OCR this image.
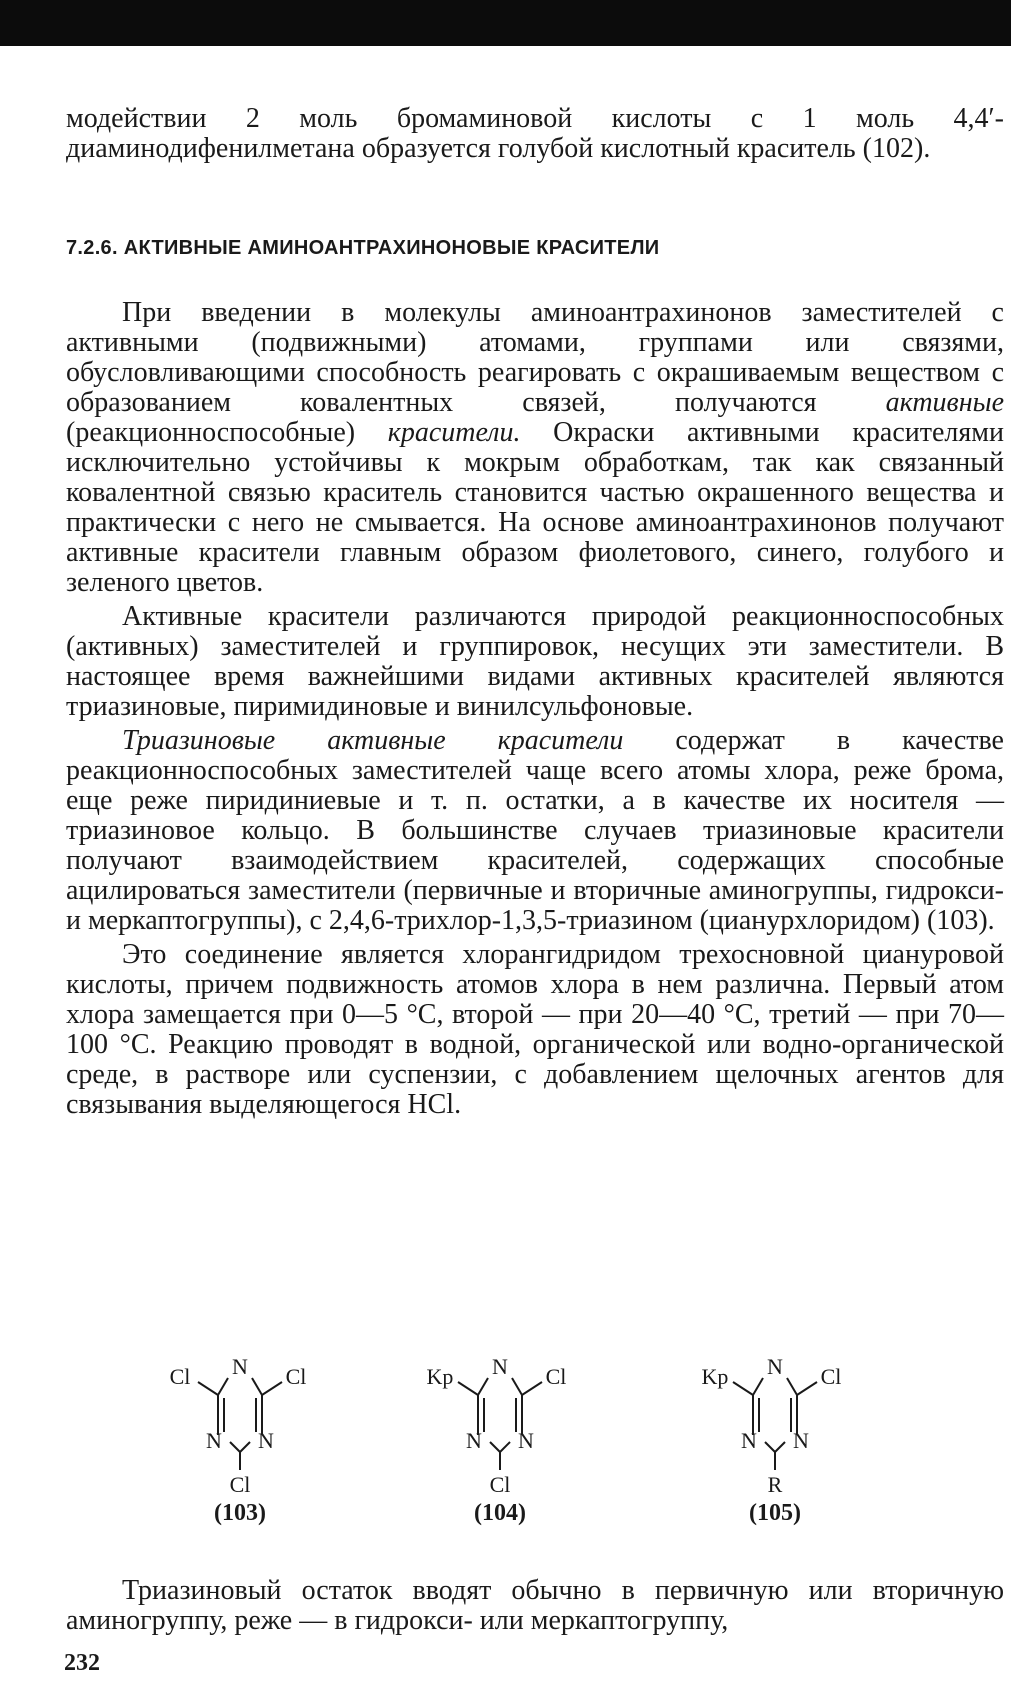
модействии 2 моль бромаминовой кислоты с 1 моль 4,4′-диаминодифенилметана образуется голубой кислотный краситель (102).

7.2.6. АКТИВНЫЕ АМИНОАНТРАХИНОНОВЫЕ КРАСИТЕЛИ

При введении в молекулы аминоантрахинонов заместителей с активными (подвижными) атомами, группами или связями, обусловливающими способность реагировать с окрашиваемым веществом с образованием ковалентных связей, получаются активные (реакционноспособные) красители. Окраски активными красителями исключительно устойчивы к мокрым обработкам, так как связанный ковалентной связью краситель становится частью окрашенного вещества и практически с него не смывается. На основе аминоантрахинонов получают активные красители главным образом фиолетового, синего, голубого и зеленого цветов.

Активные красители различаются природой реакционноспособных (активных) заместителей и группировок, несущих эти заместители. В настоящее время важнейшими видами активных красителей являются триазиновые, пиримидиновые и винилсульфоновые.

Триазиновые активные красители содержат в качестве реакционноспособных заместителей чаще всего атомы хлора, реже брома, еще реже пиридиниевые и т. п. остатки, а в качестве их носителя — триазиновое кольцо. В большинстве случаев триазиновые красители получают взаимодействием красителей, содержащих способные ацилироваться заместители (первичные и вторичные аминогруппы, гидрокси- и меркаптогруппы), с 2,4,6-трихлор-1,3,5-триазином (цианурхлоридом) (103).

Это соединение является хлорангидридом трехосновной циануровой кислоты, причем подвижность атомов хлора в нем различна. Первый атом хлора замещается при 0—5 °С, второй — при 20—40 °С, третий — при 70—100 °С. Реакцию проводят в водной, органической или водно-органической среде, в растворе или суспензии, с добавлением щелочных агентов для связывания выделяющегося HCl.

N
N N
Cl	Cl
Cl
(103)
N
N N
Kp	Cl
Cl
(104)
N
N N
Kp	Cl
R
(105)

Триазиновый остаток вводят обычно в первичную или вторичную аминогруппу, реже — в гидрокси- или меркаптогруппу,

232
